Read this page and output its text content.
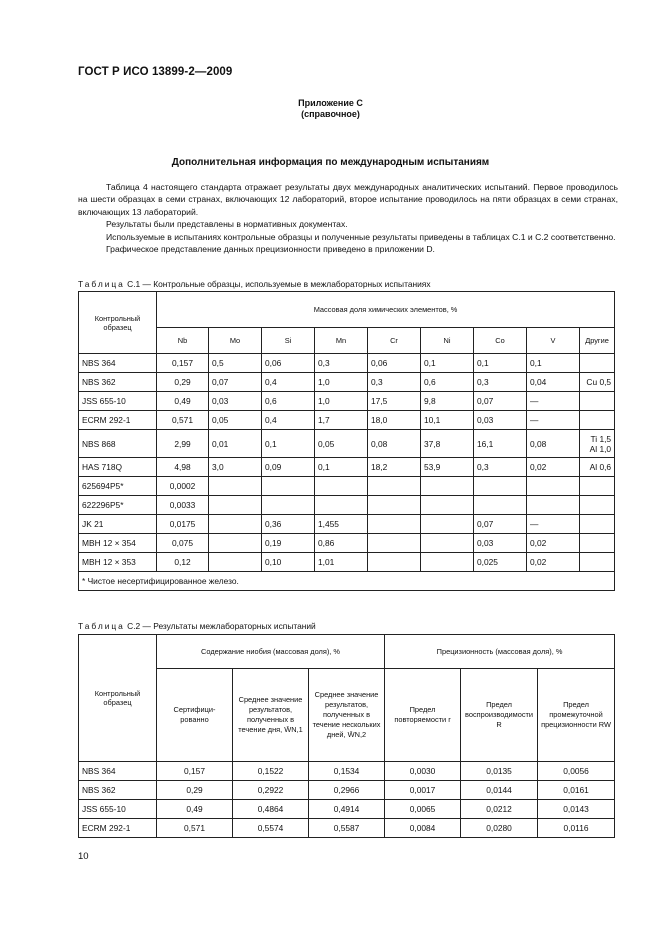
ГОСТ Р ИСО 13899-2—2009
Приложение С
(справочное)
Дополнительная информация по международным испытаниям

Таблица 4 настоящего стандарта отражает результаты двух международных аналитических испытаний. Первое проводилось на шести образцах в семи странах, включающих 12 лабораторий, второе испытание проводилось на пяти образцах в семи странах, включающих 13 лабораторий.

Результаты были представлены в нормативных документах.

Используемые в испытаниях контрольные образцы и полученные результаты приведены в таблицах С.1 и С.2 соответственно.

Графическое представление данных прецизионности приведено в приложении D.

Таблица С.1 — Контрольные образцы, используемые в межлабораторных испытаниях
Контрольный образец	Массовая доля химических элементов, %								
	Nb	Mo	Si	Mn	Cr	Ni	Co	V	Другие
NBS 364	0,157	0,5	0,06	0,3	0,06	0,1	0,1	0,1	
NBS 362	0,29	0,07	0,4	1,0	0,3	0,6	0,3	0,04	Cu 0,5
JSS 655-10	0,49	0,03	0,6	1,0	17,5	9,8	0,07	—	
ECRM 292-1	0,571	0,05	0,4	1,7	18,0	10,1	0,03	—	
NBS 868	2,99	0,01	0,1	0,05	0,08	37,8	16,1	0,08	Ti 1,5
Al 1,0
HAS 718Q	4,98	3,0	0,09	0,1	18,2	53,9	0,3	0,02	Al 0,6
625694P5*	0,0002								
622296P5*	0,0033								
JK 21	0,0175		0,36	1,455			0,07	—	
MBH 12 × 354	0,075		0,19	0,86			0,03	0,02	
MBH 12 × 353	0,12		0,10	1,01			0,025	0,02	
* Чистое несертифицированное железо.									
Таблица С.2 — Результаты межлабораторных испытаний
Контрольный образец	Содержание ниобия (массовая доля), %			Прецизионность (массовая доля), %		
	Сертифици-рованно	Среднее значение результатов, полученных в течение дня, W̄N,1	Среднее значение результатов, полученных в течение нескольких дней, W̄N,2	Предел повторяемости r	Предел воспроизводимости R	Предел промежуточной прецизионности RW
NBS 364	0,157	0,1522	0,1534	0,0030	0,0135	0,0056
NBS 362	0,29	0,2922	0,2966	0,0017	0,0144	0,0161
JSS 655-10	0,49	0,4864	0,4914	0,0065	0,0212	0,0143
ECRM 292-1	0,571	0,5574	0,5587	0,0084	0,0280	0,0116
10
